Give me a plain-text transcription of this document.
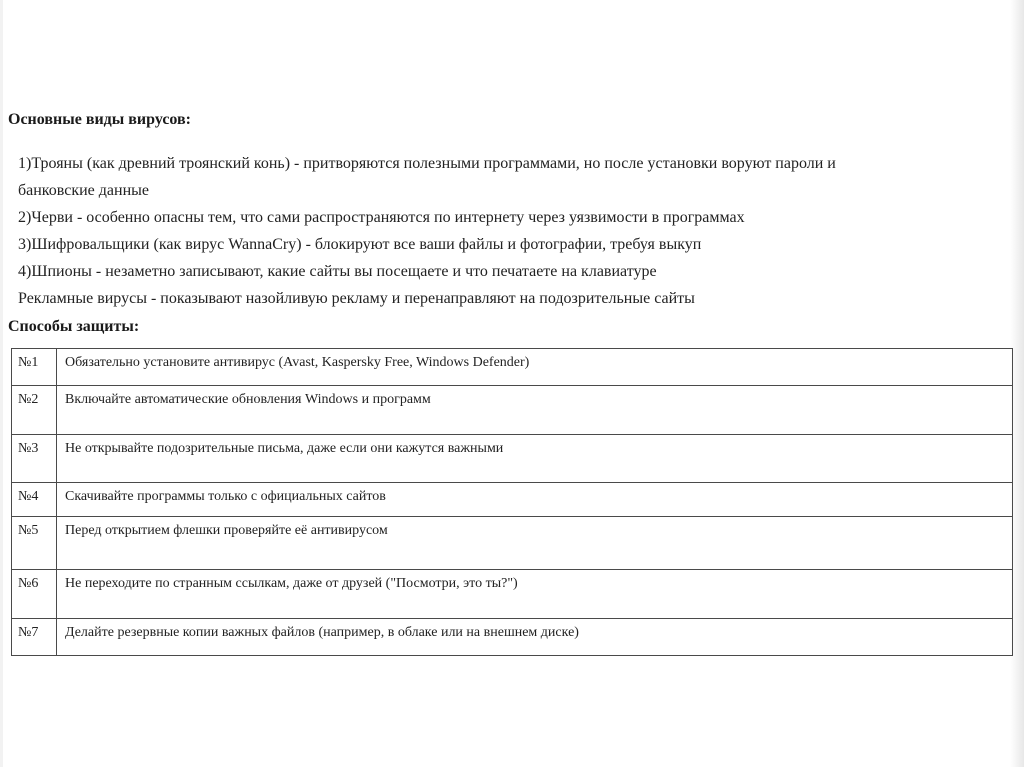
Основные виды вирусов:
1)Трояны (как древний троянский конь) - притворяются полезными программами, но после установки воруют пароли и
банковские данные
2)Черви - особенно опасны тем, что сами распространяются по интернету через уязвимости в программах
3)Шифровальщики (как вирус WannaCry) - блокируют все ваши файлы и фотографии, требуя выкуп
4)Шпионы - незаметно записывают, какие сайты вы посещаете и что печатаете на клавиатуре
Рекламные вирусы - показывают назойливую рекламу и перенаправляют на подозрительные сайты
Способы защиты:
№1	Обязательно установите антивирус (Avast, Kaspersky Free, Windows Defender)
№2	Включайте автоматические обновления Windows и программ
№3	Не открывайте подозрительные письма, даже если они кажутся важными
№4	Скачивайте программы только с официальных сайтов
№5	Перед открытием флешки проверяйте её антивирусом
№6	Не переходите по странным ссылкам, даже от друзей ("Посмотри, это ты?")
№7	Делайте резервные копии важных файлов (например, в облаке или на внешнем диске)
